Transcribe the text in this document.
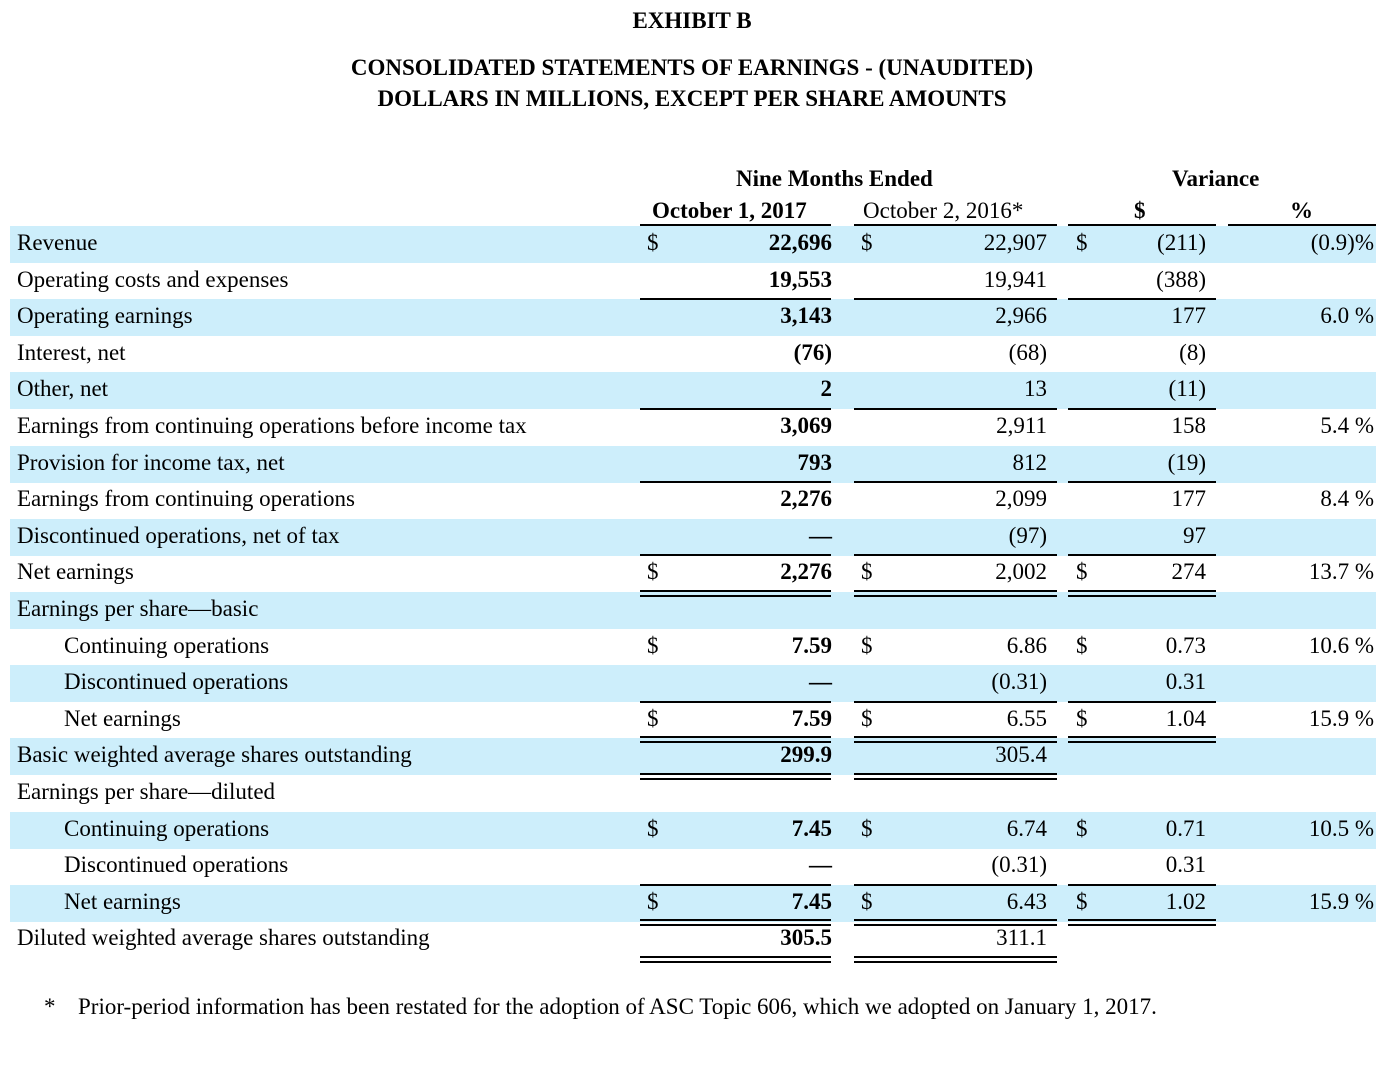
EXHIBIT B
CONSOLIDATED STATEMENTS OF EARNINGS - (UNAUDITED)
DOLLARS IN MILLIONS, EXCEPT PER SHARE AMOUNTS
Nine Months Ended	Variance
October 1, 2017 October 2, 2016*	$	%
Revenue	$	22,696 $	22,907 $	(211)	(0.9)%
Operating costs and expenses	19,553	19,941	(388)
Operating earnings	3,143	2,966	177	6.0 %
Interest, net	(76)	(68)	(8)
Other, net	2	13	(11)
Earnings from continuing operations before income tax	3,069	2,911	158	5.4 %
Provision for income tax, net	793	812	(19)
Earnings from continuing operations	2,276	2,099	177	8.4 %
Discontinued operations, net of tax	—	(97)	97
Net earnings	$	2,276 $	2,002 $	274	13.7 %
Earnings per share—basic
Continuing operations	$	7.59 $	6.86 $	0.73	10.6 %
Discontinued operations	—	(0.31)	0.31
Net earnings	$	7.59 $	6.55 $	1.04	15.9 %
Basic weighted average shares outstanding	299.9	305.4
Earnings per share—diluted
Continuing operations	$	7.45 $	6.74 $	0.71	10.5 %
Discontinued operations	—	(0.31)	0.31
Net earnings	$	7.45 $	6.43 $	1.02	15.9 %
Diluted weighted average shares outstanding	305.5	311.1
* Prior-period information has been restated for the adoption of ASC Topic 606, which we adopted on January 1, 2017.
